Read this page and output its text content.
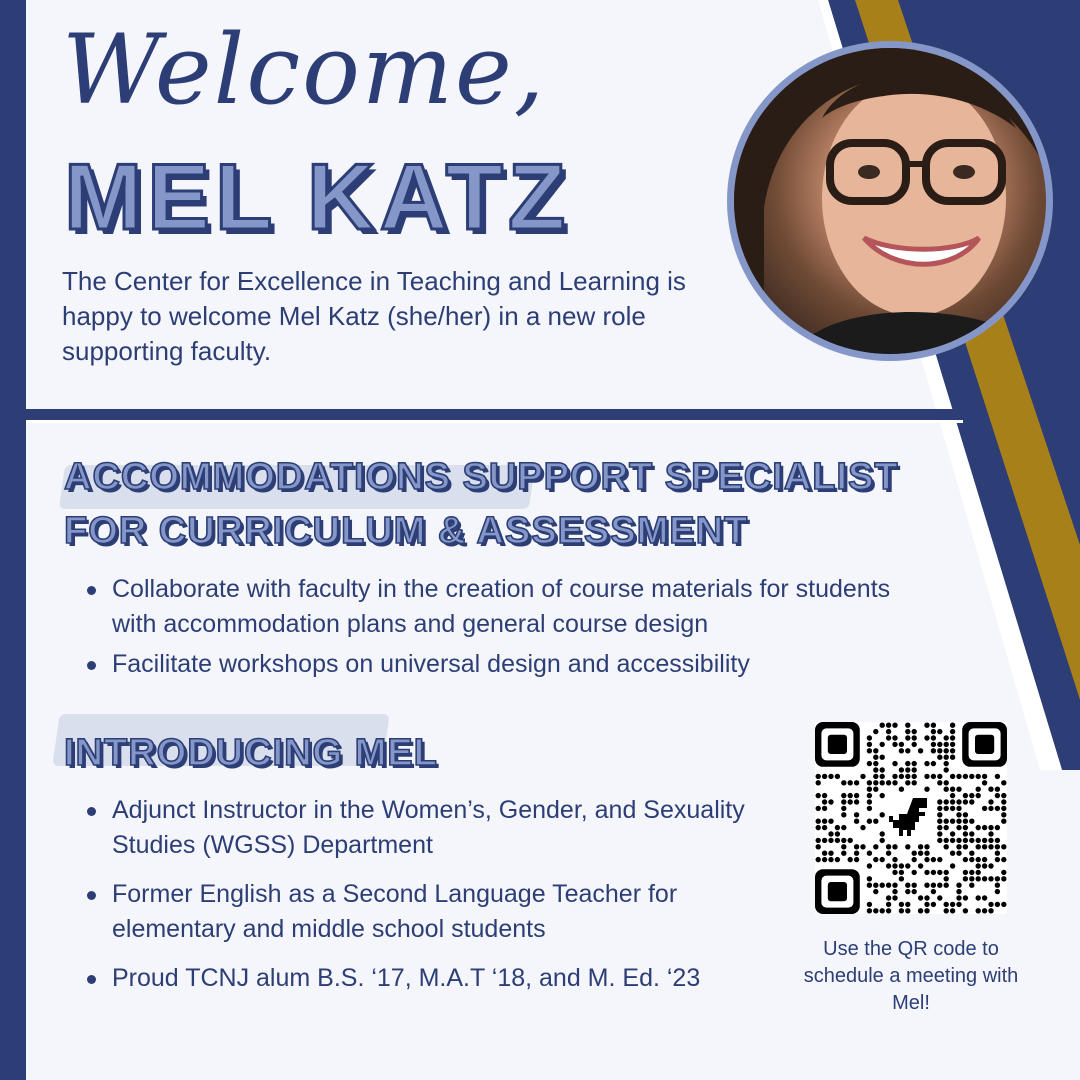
Welcome,
MEL KATZ
The Center for Excellence in Teaching and Learning is happy to welcome Mel Katz (she/her) in a new role supporting faculty.
ACCOMMODATIONS SUPPORT SPECIALIST
FOR CURRICULUM & ASSESSMENT
Collaborate with faculty in the creation of course materials for students with accommodation plans and general course design
Facilitate workshops on universal design and accessibility
INTRODUCING MEL
Adjunct Instructor in the Women’s, Gender, and Sexuality Studies (WGSS) Department
Former English as a Second Language Teacher for elementary and middle school students
Proud TCNJ alum B.S. ‘17, M.A.T ‘18, and M. Ed. ‘23
Use the QR code to schedule a meeting with Mel!
